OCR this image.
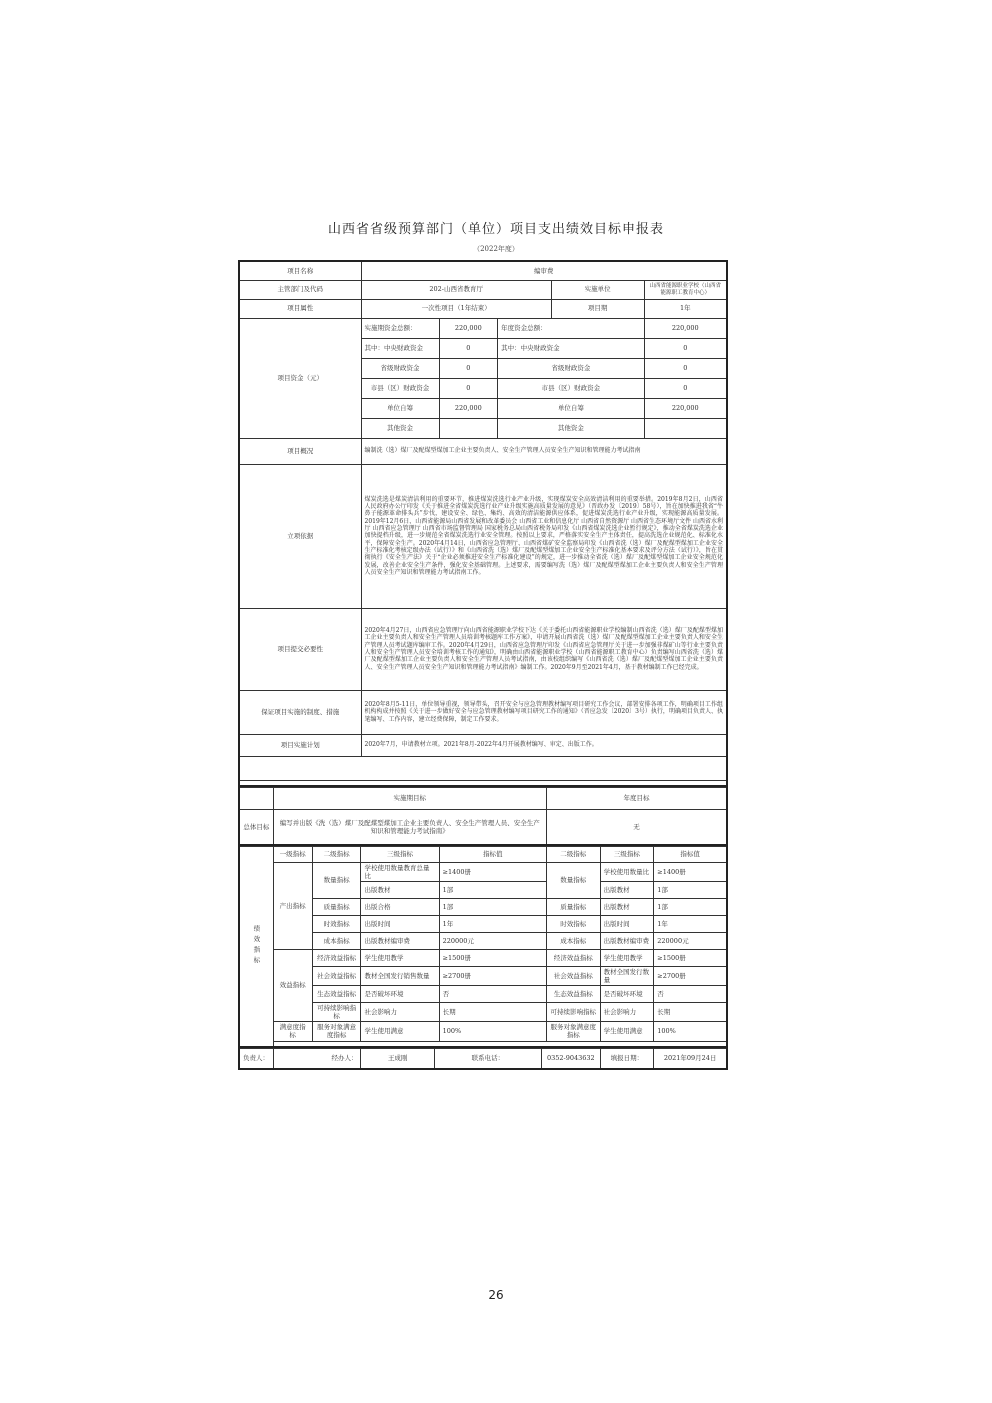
山西省省级预算部门（单位）项目支出绩效目标申报表
（2022年度）
项目名称	编审费				
主管部门及代码	202-山西省教育厅			实施单位	山西省能源职业学校（山西省能源职工教育中心）
项目属性	一次性项目（1年结束）			项目期	1年
项目资金（元）	实施期资金总额：	220,000	年度资金总额：		220,000
	其中：中央财政资金	0	其中：中央财政资金		0
	省级财政资金	0	省级财政资金		0
	市县（区）财政资金	0	市县（区）财政资金		0
	单位自筹	220,000	单位自筹		220,000
	其他资金		其他资金		
项目概况	编制洗（选）煤厂及配煤型煤加工企业主要负责人、安全生产管理人员安全生产知识和管理能力考试指南				
立项依据	煤炭洗选是煤炭清洁利用的重要环节，推进煤炭洗选行业产业升级，实现煤炭安全高效清洁利用的重要举措。2019年8月2日，山西省人民政府办公厅印发《关于推进全省煤炭洗选行业产业升级实施高质量发展的意见》（晋政办发〔2019〕58号），旨在加快推进我省“牛鼻子能源革命排头兵”步伐，建设安全、绿色、集约、高效的清洁能源供应体系，促进煤炭洗选行业产业升级，实现能源高质量发展。2019年12月6日，山西省能源局山西省发展和改革委员会 山西省工业和信息化厅 山西省自然资源厅 山西省生态环境厅文件 山西省水利厅 山西省应急管理厅 山西省市场监督管理局 国家税务总局山西省税务局印发《山西省煤炭洗选企业暂行规定》，推动全省煤炭洗选企业加快提档升级，进一步规范全省煤炭洗选行业安全管理。按照以上要求，严格落实安全生产主体责任，提高洗选企业规范化、标准化水平，保障安全生产。2020年4月14日，山西省应急管理厅、山西省煤矿安全监察局印发《山西省洗（选）煤厂及配煤型煤加工企业安全生产标准化考核定级办法（试行）》和《山西省洗（选）煤厂及配煤型煤加工企业安全生产标准化基本要求及评分方法（试行）》，旨在贯彻执行《安全生产法》关于“企业必须推进安全生产标准化建设”的规定，进一步推动全省洗（选）煤厂及配煤型煤加工企业安全规范化发展，改善企业安全生产条件，强化安全基础管理。上述要求，需要编写洗（选）煤厂及配煤型煤加工企业主要负责人和安全生产管理人员安全生产知识和管理能力考试指南工作。				
项目提交必要性	2020年4月27日，山西省应急管理厅向山西省能源职业学校下达《关于委托山西省能源职业学校编制山西省洗（选）煤厂及配煤型煤加工企业主要负责人和安全生产管理人员培训考核题库工作方案》，申请开展山西省洗（选）煤厂及配煤型煤加工企业主要负责人和安全生产管理人员考试题库编审工作。2020年4月29日，山西省应急管理厅印发《山西省应急管理厅关于进一步加强非煤矿山等行业主要负责人和安全生产管理人员安全培训考核工作的通知》，明确由山西省能源职业学校（山西省能源职工教育中心）负责编写山西省洗（选）煤厂及配煤型煤加工企业主要负责人和安全生产管理人员考试指南，由该校组织编写《山西省洗（选）煤厂及配煤型煤加工企业主要负责人、安全生产管理人员安全生产知识和管理能力考试指南》编制工作。2020年9月至2021年4月，基于教材编制工作已经完成。				
保证项目实施的制度、措施	2020年8月5-11日，单位领导重视，领导带头，召开安全与应急管理教材编写项目研究工作会议，部署安排各项工作，明确项目工作组机构构成并按照《关于进一步做好安全与应急管理教材编写项目研究工作的通知》（晋应急发〔2020〕3号）执行，明确项目负责人、执笔编写、工作内容，建立经费保障，制定工作要求。				
项目实施计划	2020年7月，申请教材立项。2021年8月-2022年4月开展教材编写、审定、出版工作。				

	实施期目标	年度目标
总体目标	编写并出版《洗（选）煤厂及配煤型煤加工企业主要负责人、安全生产管理人员、安全生产知识和管理能力考试指南》	无
绩效指标	一级指标	二级指标	三级指标	指标值	二级指标	三级指标	指标值
	产出指标	数量指标	学校使用数量教育总量比	≥1400册	数量指标	学校使用数量比	≥1400册
			出版教材	1部		出版教材	1部
		质量指标	出版合格	1部	质量指标	出版教材	1部
		时效指标	出版时间	1年	时效指标	出版时间	1年
		成本指标	出版教材编审费	220000元	成本指标	出版教材编审费	220000元
	效益指标	经济效益指标	学生使用教学	≥1500册	经济效益指标	学生使用教学	≥1500册
		社会效益指标	教材全国发行销售数量	≥2700册	社会效益指标	教材全国发行数量	≥2700册
		生态效益指标	是否破坏环境	否	生态效益指标	是否破坏环境	否
		可持续影响指标	社会影响力	长期	可持续影响指标	社会影响力	长期
	满意度指标	服务对象满意度指标	学生使用满意	100%	服务对象满意度指标	学生使用满意	100%

负责人：	经办人：	王成刚	联系电话：	0352-9043632	填报日期：	2021年09月24日
26
